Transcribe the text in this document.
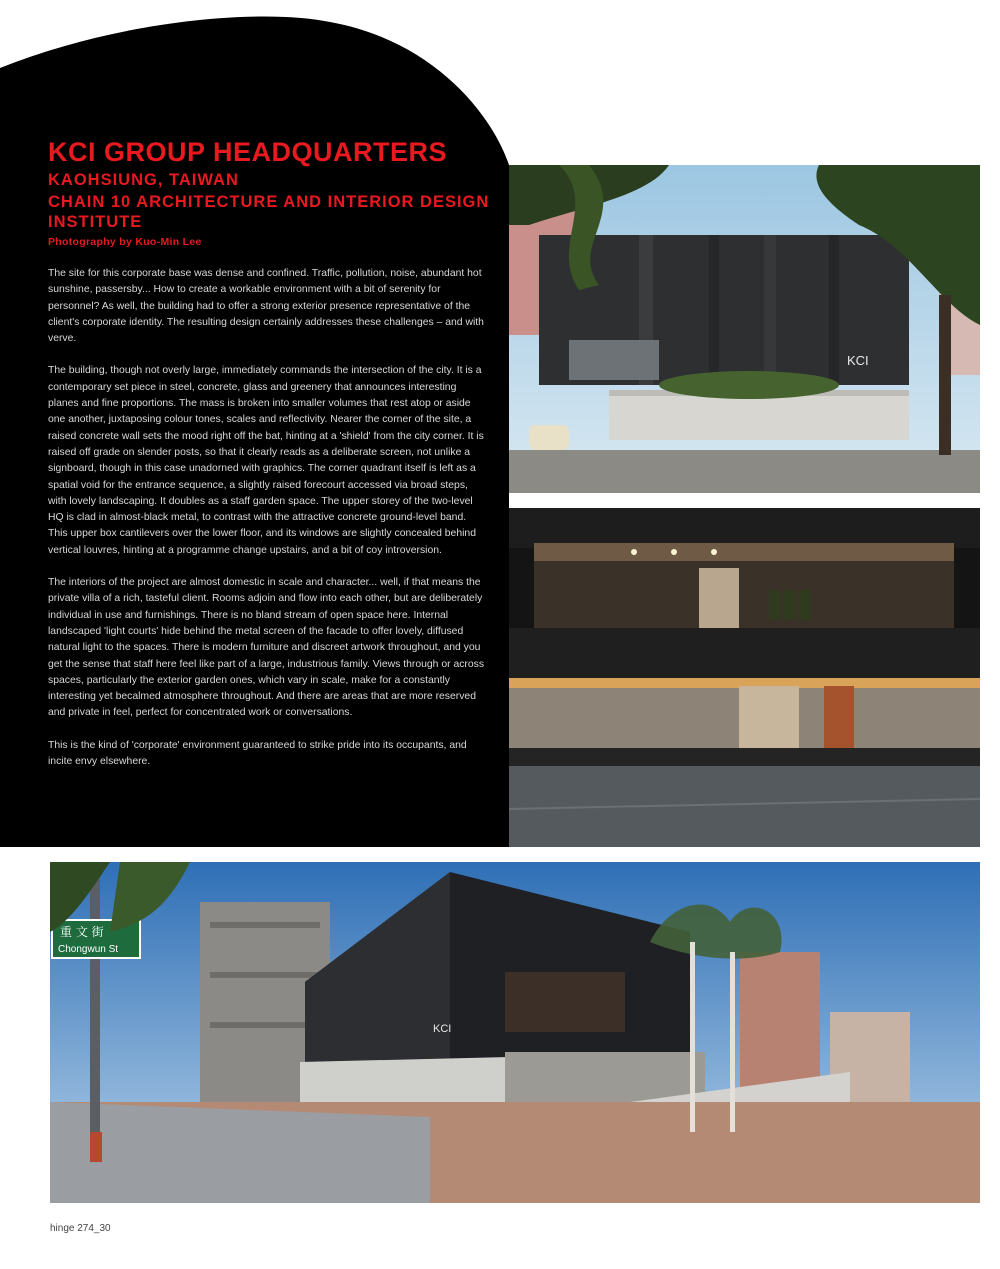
KCI GROUP HEADQUARTERS
KAOHSIUNG, TAIWAN
CHAIN 10 ARCHITECTURE AND INTERIOR DESIGN INSTITUTE
Photography by Kuo-Min Lee

The site for this corporate base was dense and confined. Traffic, pollution, noise, abundant hot sunshine, passersby... How to create a workable environment with a bit of serenity for personnel? As well, the building had to offer a strong exterior presence representative of the client's corporate identity. The resulting design certainly addresses these challenges – and with verve.

The building, though not overly large, immediately commands the intersection of the city. It is a contemporary set piece in steel, concrete, glass and greenery that announces interesting planes and fine proportions. The mass is broken into smaller volumes that rest atop or aside one another, juxtaposing colour tones, scales and reflectivity. Nearer the corner of the site, a raised concrete wall sets the mood right off the bat, hinting at a 'shield' from the city corner. It is raised off grade on slender posts, so that it clearly reads as a deliberate screen, not unlike a signboard, though in this case unadorned with graphics. The corner quadrant itself is left as a spatial void for the entrance sequence, a slightly raised forecourt accessed via broad steps, with lovely landscaping. It doubles as a staff garden space. The upper storey of the two-level HQ is clad in almost-black metal, to contrast with the attractive concrete ground-level band. This upper box cantilevers over the lower floor, and its windows are slightly concealed behind vertical louvres, hinting at a programme change upstairs, and a bit of coy introversion.

The interiors of the project are almost domestic in scale and character... well, if that means the private villa of a rich, tasteful client. Rooms adjoin and flow into each other, but are deliberately individual in use and furnishings. There is no bland stream of open space here. Internal landscaped 'light courts' hide behind the metal screen of the facade to offer lovely, diffused natural light to the spaces. There is modern furniture and discreet artwork throughout, and you get the sense that staff here feel like part of a large, industrious family. Views through or across spaces, particularly the exterior garden ones, which vary in scale, make for a constantly interesting yet becalmed atmosphere throughout. And there are areas that are more reserved and private in feel, perfect for concentrated work or conversations.

This is the kind of 'corporate' environment guaranteed to strike pride into its occupants, and incite envy elsewhere.

KCI
KCI
重 文 街
Chongwun St
hinge 274_30
